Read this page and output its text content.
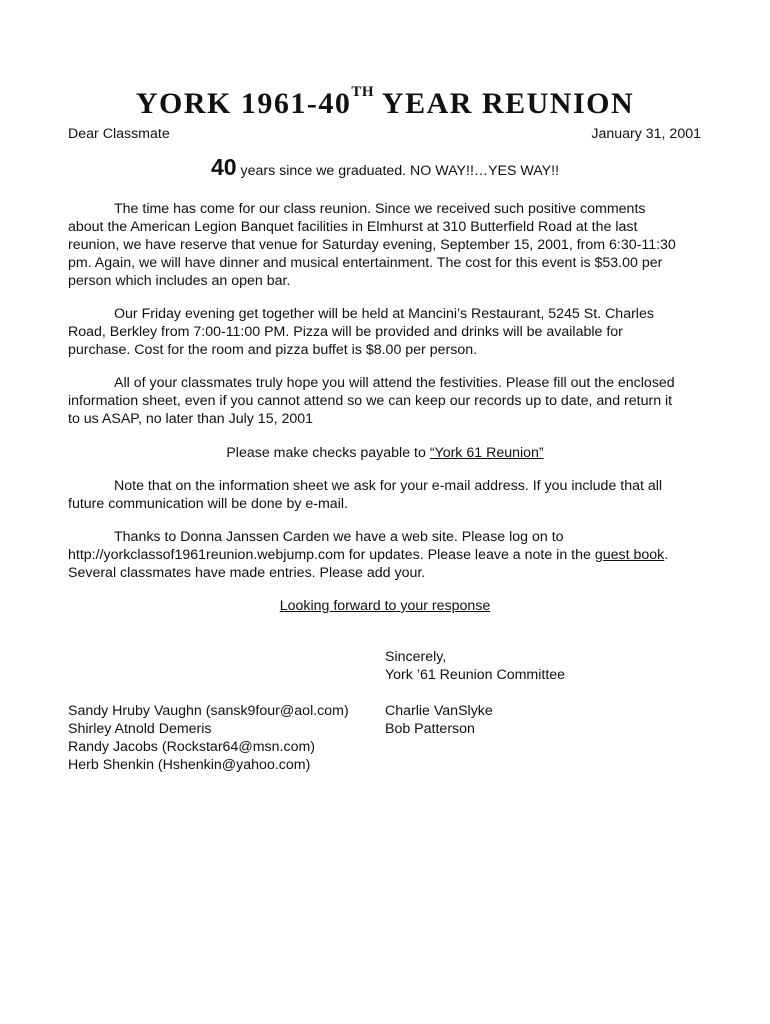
YORK 1961-40TH YEAR REUNION
Dear Classmate	January 31, 2001
40 years since we graduated. NO WAY!!…YES WAY!!

The time has come for our class reunion. Since we received such positive comments about the American Legion Banquet facilities in Elmhurst at 310 Butterfield Road at the last reunion, we have reserve that venue for Saturday evening, September 15, 2001, from 6:30-11:30 pm. Again, we will have dinner and musical entertainment. The cost for this event is $53.00 per person which includes an open bar.

Our Friday evening get together will be held at Mancini’s Restaurant, 5245 St. Charles Road, Berkley from 7:00-11:00 PM. Pizza will be provided and drinks will be available for purchase. Cost for the room and pizza buffet is $8.00 per person.

All of your classmates truly hope you will attend the festivities. Please fill out the enclosed information sheet, even if you cannot attend so we can keep our records up to date, and return it to us ASAP, no later than July 15, 2001

Please make checks payable to “York 61 Reunion”

Note that on the information sheet we ask for your e-mail address. If you include that all future communication will be done by e-mail.

Thanks to Donna Janssen Carden we have a web site. Please log on to http://yorkclassof1961reunion.webjump.com for updates. Please leave a note in the guest book. Several classmates have made entries. Please add your.

Looking forward to your response
Sincerely,
York ’61 Reunion Committee
Sandy Hruby Vaughn (sansk9four@aol.com)
Shirley Atnold Demeris
Randy Jacobs (Rockstar64@msn.com)
Herb Shenkin (Hshenkin@yahoo.com)
Charlie VanSlyke
Bob Patterson
